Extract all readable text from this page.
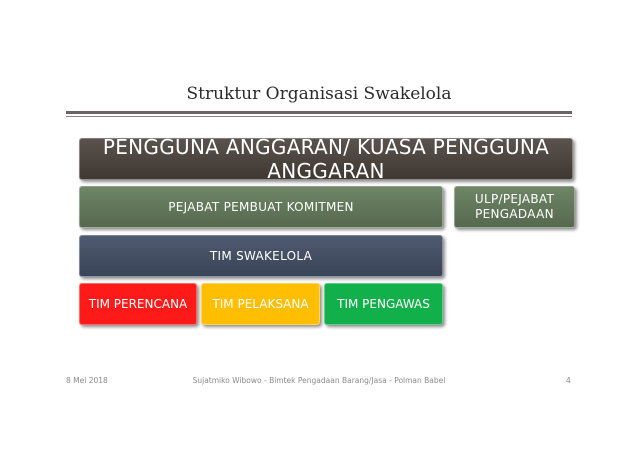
Struktur Organisasi Swakelola
PENGGUNA ANGGARAN/ KUASA PENGGUNA ANGGARAN
PEJABAT PEMBUAT KOMITMEN
ULP/PEJABAT
PENGADAAN
TIM SWAKELOLA
TIM PERENCANA TIM PELAKSANA TIM PENGAWAS
8 Mei 2018	Sujatmiko Wibowo - Bimtek Pengadaan Barang/Jasa - Polman Babel	4
